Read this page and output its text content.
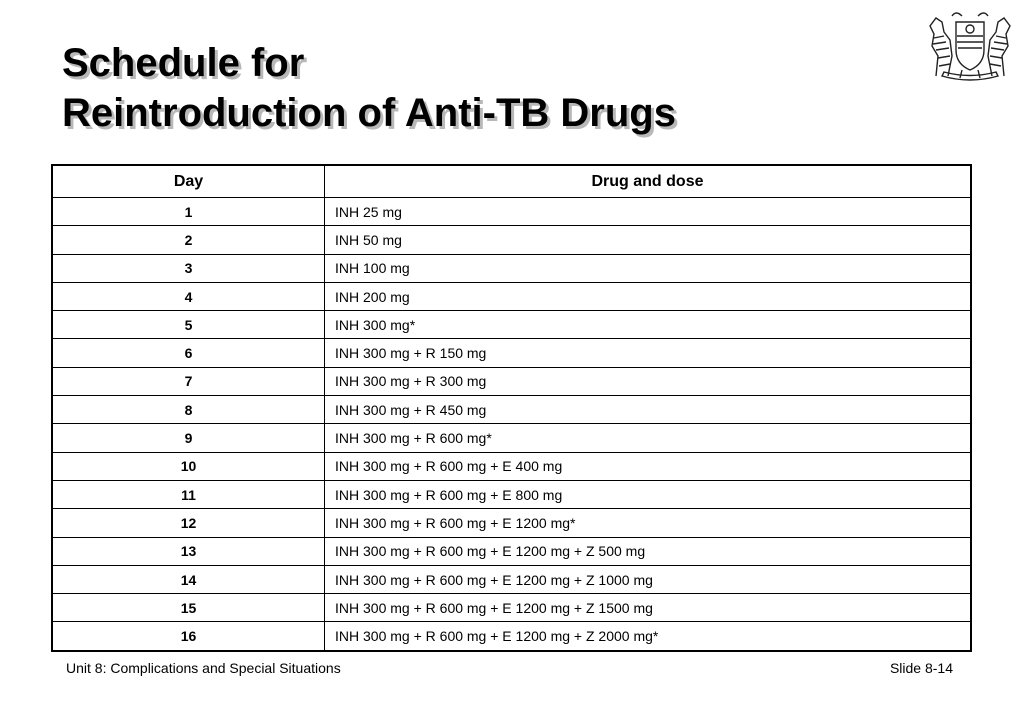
Schedule for
Reintroduction of Anti-TB Drugs
Day	Drug and dose
1	INH 25 mg
2	INH 50 mg
3	INH 100 mg
4	INH 200 mg
5	INH 300 mg*
6	INH 300 mg + R 150 mg
7	INH 300 mg + R 300 mg
8	INH 300 mg + R 450 mg
9	INH 300 mg + R 600 mg*
10	INH 300 mg + R 600 mg + E 400 mg
11	INH 300 mg + R 600 mg + E 800 mg
12	INH 300 mg + R 600 mg + E 1200 mg*
13	INH 300 mg + R 600 mg + E 1200 mg + Z 500 mg
14	INH 300 mg + R 600 mg + E 1200 mg + Z 1000 mg
15	INH 300 mg + R 600 mg + E 1200 mg + Z 1500 mg
16	INH 300 mg + R 600 mg + E 1200 mg + Z 2000 mg*
Unit 8: Complications and Special Situations	Slide 8-14
